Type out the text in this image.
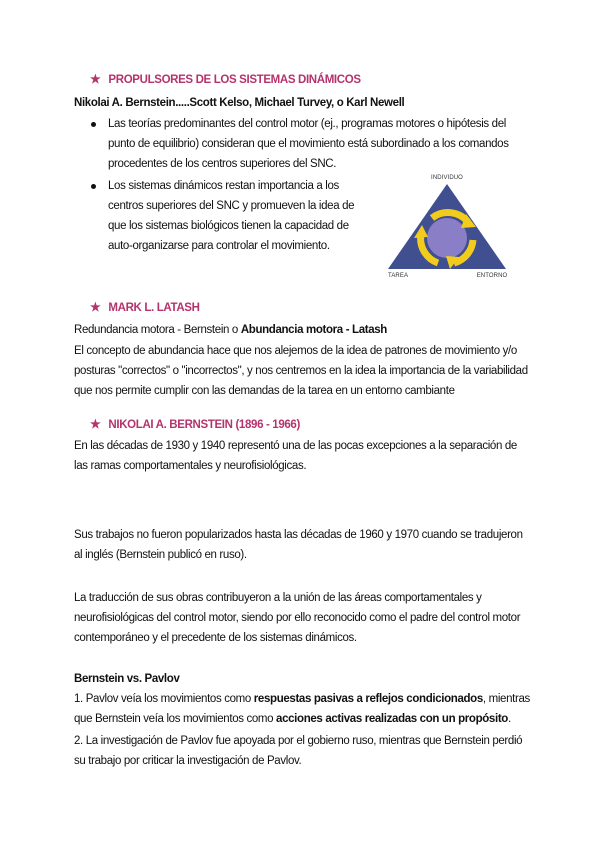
★ PROPULSORES DE LOS SISTEMAS DINÁMICOS
Nikolai A. Bernstein.....Scott Kelso, Michael Turvey, o Karl Newell
Las teorías predominantes del control motor (ej., programas motores o hipótesis del punto de equilibrio) consideran que el movimiento está subordinado a los comandos procedentes de los centros superiores del SNC.
Los sistemas dinámicos restan importancia a los centros superiores del SNC y promueven la idea de que los sistemas biológicos tienen la capacidad de auto-organizarse para controlar el movimiento.
INDIVIDUO
TAREA	ENTORNO
★ MARK L. LATASH
Redundancia motora - Bernstein o Abundancia motora - Latash
El concepto de abundancia hace que nos alejemos de la idea de patrones de movimiento y/o posturas "correctos" o "incorrectos", y nos centremos en la idea la importancia de la variabilidad que nos permite cumplir con las demandas de la tarea en un entorno cambiante
★ NIKOLAI A. BERNSTEIN (1896 - 1966)
En las décadas de 1930 y 1940 representó una de las pocas excepciones a la separación de las ramas comportamentales y neurofisiológicas.
Sus trabajos no fueron popularizados hasta las décadas de 1960 y 1970 cuando se tradujeron al inglés (Bernstein publicó en ruso).
La traducción de sus obras contribuyeron a la unión de las áreas comportamentales y neurofisiológicas del control motor, siendo por ello reconocido como el padre del control motor contemporáneo y el precedente de los sistemas dinámicos.
Bernstein vs. Pavlov
1. Pavlov veía los movimientos como respuestas pasivas a reflejos condicionados, mientras que Bernstein veía los movimientos como acciones activas realizadas con un propósito.
2. La investigación de Pavlov fue apoyada por el gobierno ruso, mientras que Bernstein perdió su trabajo por criticar la investigación de Pavlov.
